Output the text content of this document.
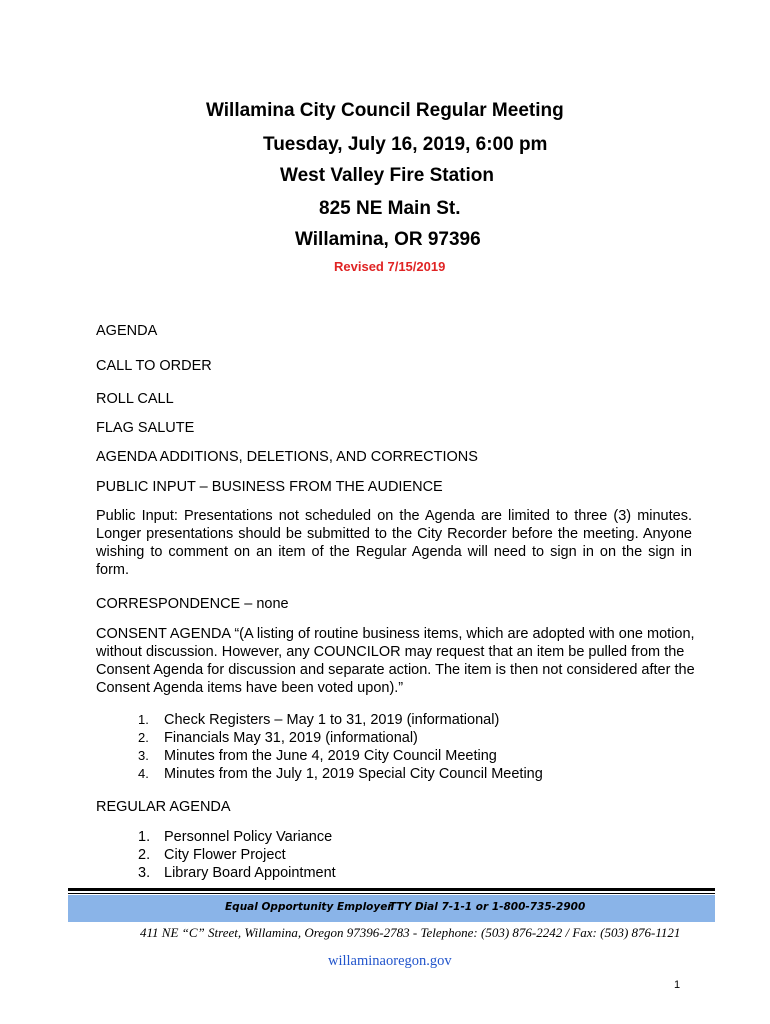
Willamina City Council Regular Meeting
Tuesday, July 16, 2019, 6:00 pm
West Valley Fire Station
825 NE Main St.
Willamina, OR 97396
Revised 7/15/2019
AGENDA
CALL TO ORDER
ROLL CALL
FLAG SALUTE
AGENDA ADDITIONS, DELETIONS, AND CORRECTIONS
PUBLIC INPUT – BUSINESS FROM THE AUDIENCE
Public Input: Presentations not scheduled on the Agenda are limited to three (3) minutes. Longer presentations should be submitted to the City Recorder before the meeting. Anyone wishing to comment on an item of the Regular Agenda will need to sign in on the sign in form.
CORRESPONDENCE – none
CONSENT AGENDA “(A listing of routine business items, which are adopted with one motion, without discussion. However, any COUNCILOR may request that an item be pulled from the Consent Agenda for discussion and separate action. The item is then not considered after the Consent Agenda items have been voted upon).”
1. Check Registers – May 1 to 31, 2019 (informational)
2. Financials May 31, 2019 (informational)
3. Minutes from the June 4, 2019 City Council Meeting
4. Minutes from the July 1, 2019 Special City Council Meeting
REGULAR AGENDA
1. Personnel Policy Variance
2. City Flower Project
3. Library Board Appointment
Equal Opportunity Employer
TTY Dial 7-1-1 or 1-800-735-2900
411 NE “C” Street, Willamina, Oregon 97396-2783 - Telephone: (503) 876-2242 / Fax: (503) 876-1121
willaminaoregon.gov
1
